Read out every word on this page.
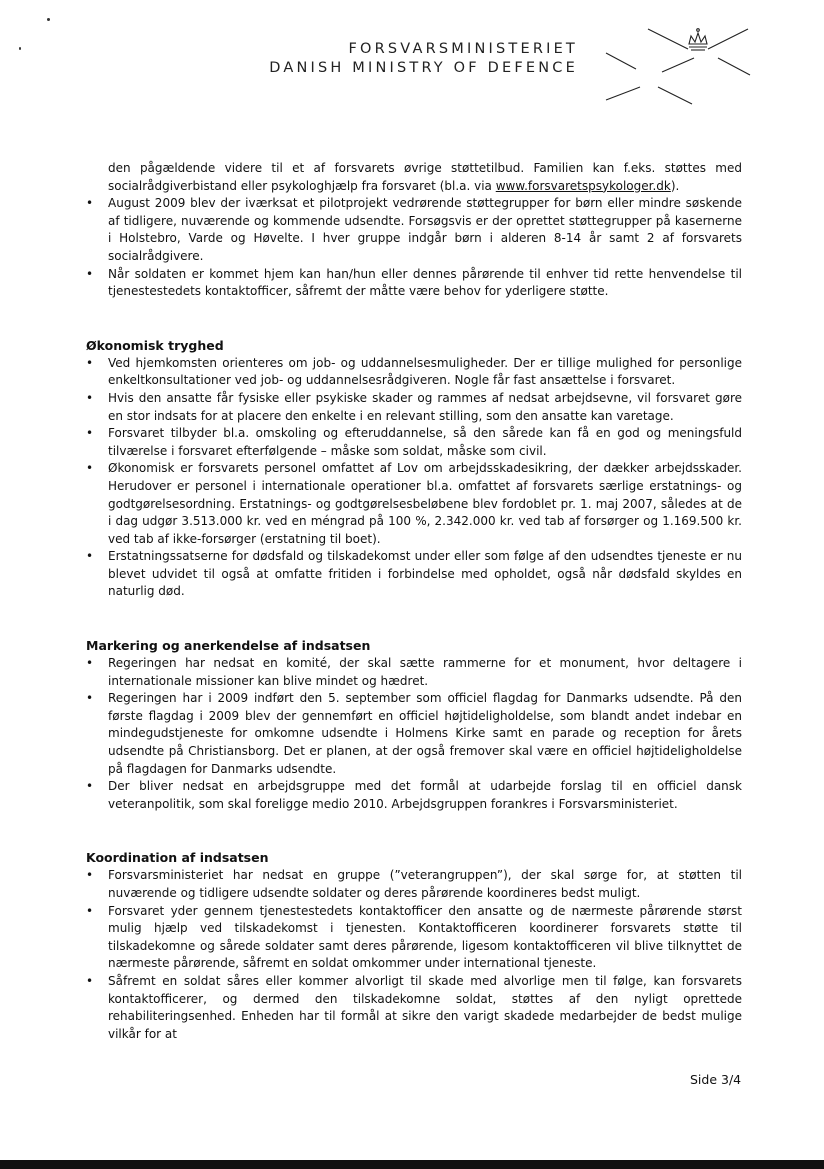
FORSVARSMINISTERIET
DANISH MINISTRY OF DEFENCE

den pågældende videre til et af forsvarets øvrige støttetilbud. Familien kan f.eks. støttes med socialrådgiverbistand eller psykologhjælp fra forsvaret (bl.a. via www.forsvaretspsykologer.dk).

• August 2009 blev der iværksat et pilotprojekt vedrørende støttegrupper for børn eller mindre søskende af tidligere, nuværende og kommende udsendte. Forsøgsvis er der oprettet støttegrupper på kasernerne i Holstebro, Varde og Høvelte. I hver gruppe indgår børn i alderen 8-14 år samt 2 af forsvarets socialrådgivere.
• Når soldaten er kommet hjem kan han/hun eller dennes pårørende til enhver tid rette henvendelse til tjenestestedets kontaktofficer, såfremt der måtte være behov for yderligere støtte.
Økonomisk tryghed
• Ved hjemkomsten orienteres om job- og uddannelsesmuligheder. Der er tillige mulighed for personlige enkeltkonsultationer ved job- og uddannelsesrådgiveren. Nogle får fast ansættelse i forsvaret.
• Hvis den ansatte får fysiske eller psykiske skader og rammes af nedsat arbejdsevne, vil forsvaret gøre en stor indsats for at placere den enkelte i en relevant stilling, som den ansatte kan varetage.
• Forsvaret tilbyder bl.a. omskoling og efteruddannelse, så den sårede kan få en god og meningsfuld tilværelse i forsvaret efterfølgende – måske som soldat, måske som civil.
• Økonomisk er forsvarets personel omfattet af Lov om arbejdsskadesikring, der dækker arbejdsskader. Herudover er personel i internationale operationer bl.a. omfattet af forsvarets særlige erstatnings- og godtgørelsesordning. Erstatnings- og godtgørelsesbeløbene blev fordoblet pr. 1. maj 2007, således at de i dag udgør 3.513.000 kr. ved en méngrad på 100 %, 2.342.000 kr. ved tab af forsørger og 1.169.500 kr. ved tab af ikke-forsørger (erstatning til boet).
• Erstatningssatserne for dødsfald og tilskadekomst under eller som følge af den udsendtes tjeneste er nu blevet udvidet til også at omfatte fritiden i forbindelse med opholdet, også når dødsfald skyldes en naturlig død.
Markering og anerkendelse af indsatsen
• Regeringen har nedsat en komité, der skal sætte rammerne for et monument, hvor deltagere i internationale missioner kan blive mindet og hædret.
• Regeringen har i 2009 indført den 5. september som officiel flagdag for Danmarks udsendte. På den første flagdag i 2009 blev der gennemført en officiel højtideligholdelse, som blandt andet indebar en mindegudstjeneste for omkomne udsendte i Holmens Kirke samt en parade og reception for årets udsendte på Christiansborg. Det er planen, at der også fremover skal være en officiel højtideligholdelse på flagdagen for Danmarks udsendte.
• Der bliver nedsat en arbejdsgruppe med det formål at udarbejde forslag til en officiel dansk veteranpolitik, som skal foreligge medio 2010. Arbejdsgruppen forankres i Forsvarsministeriet.
Koordination af indsatsen
• Forsvarsministeriet har nedsat en gruppe (”veterangruppen”), der skal sørge for, at støtten til nuværende og tidligere udsendte soldater og deres pårørende koordineres bedst muligt.
• Forsvaret yder gennem tjenestestedets kontaktofficer den ansatte og de nærmeste pårørende størst mulig hjælp ved tilskadekomst i tjenesten. Kontaktofficeren koordinerer forsvarets støtte til tilskadekomne og sårede soldater samt deres pårørende, ligesom kontaktofficeren vil blive tilknyttet de nærmeste pårørende, såfremt en soldat omkommer under international tjeneste.
• Såfremt en soldat såres eller kommer alvorligt til skade med alvorlige men til følge, kan forsvarets kontaktofficerer, og dermed den tilskadekomne soldat, støttes af den nyligt oprettede rehabiliteringsenhed. Enheden har til formål at sikre den varigt skadede medarbejder de bedst mulige vilkår for at
Side 3/4
